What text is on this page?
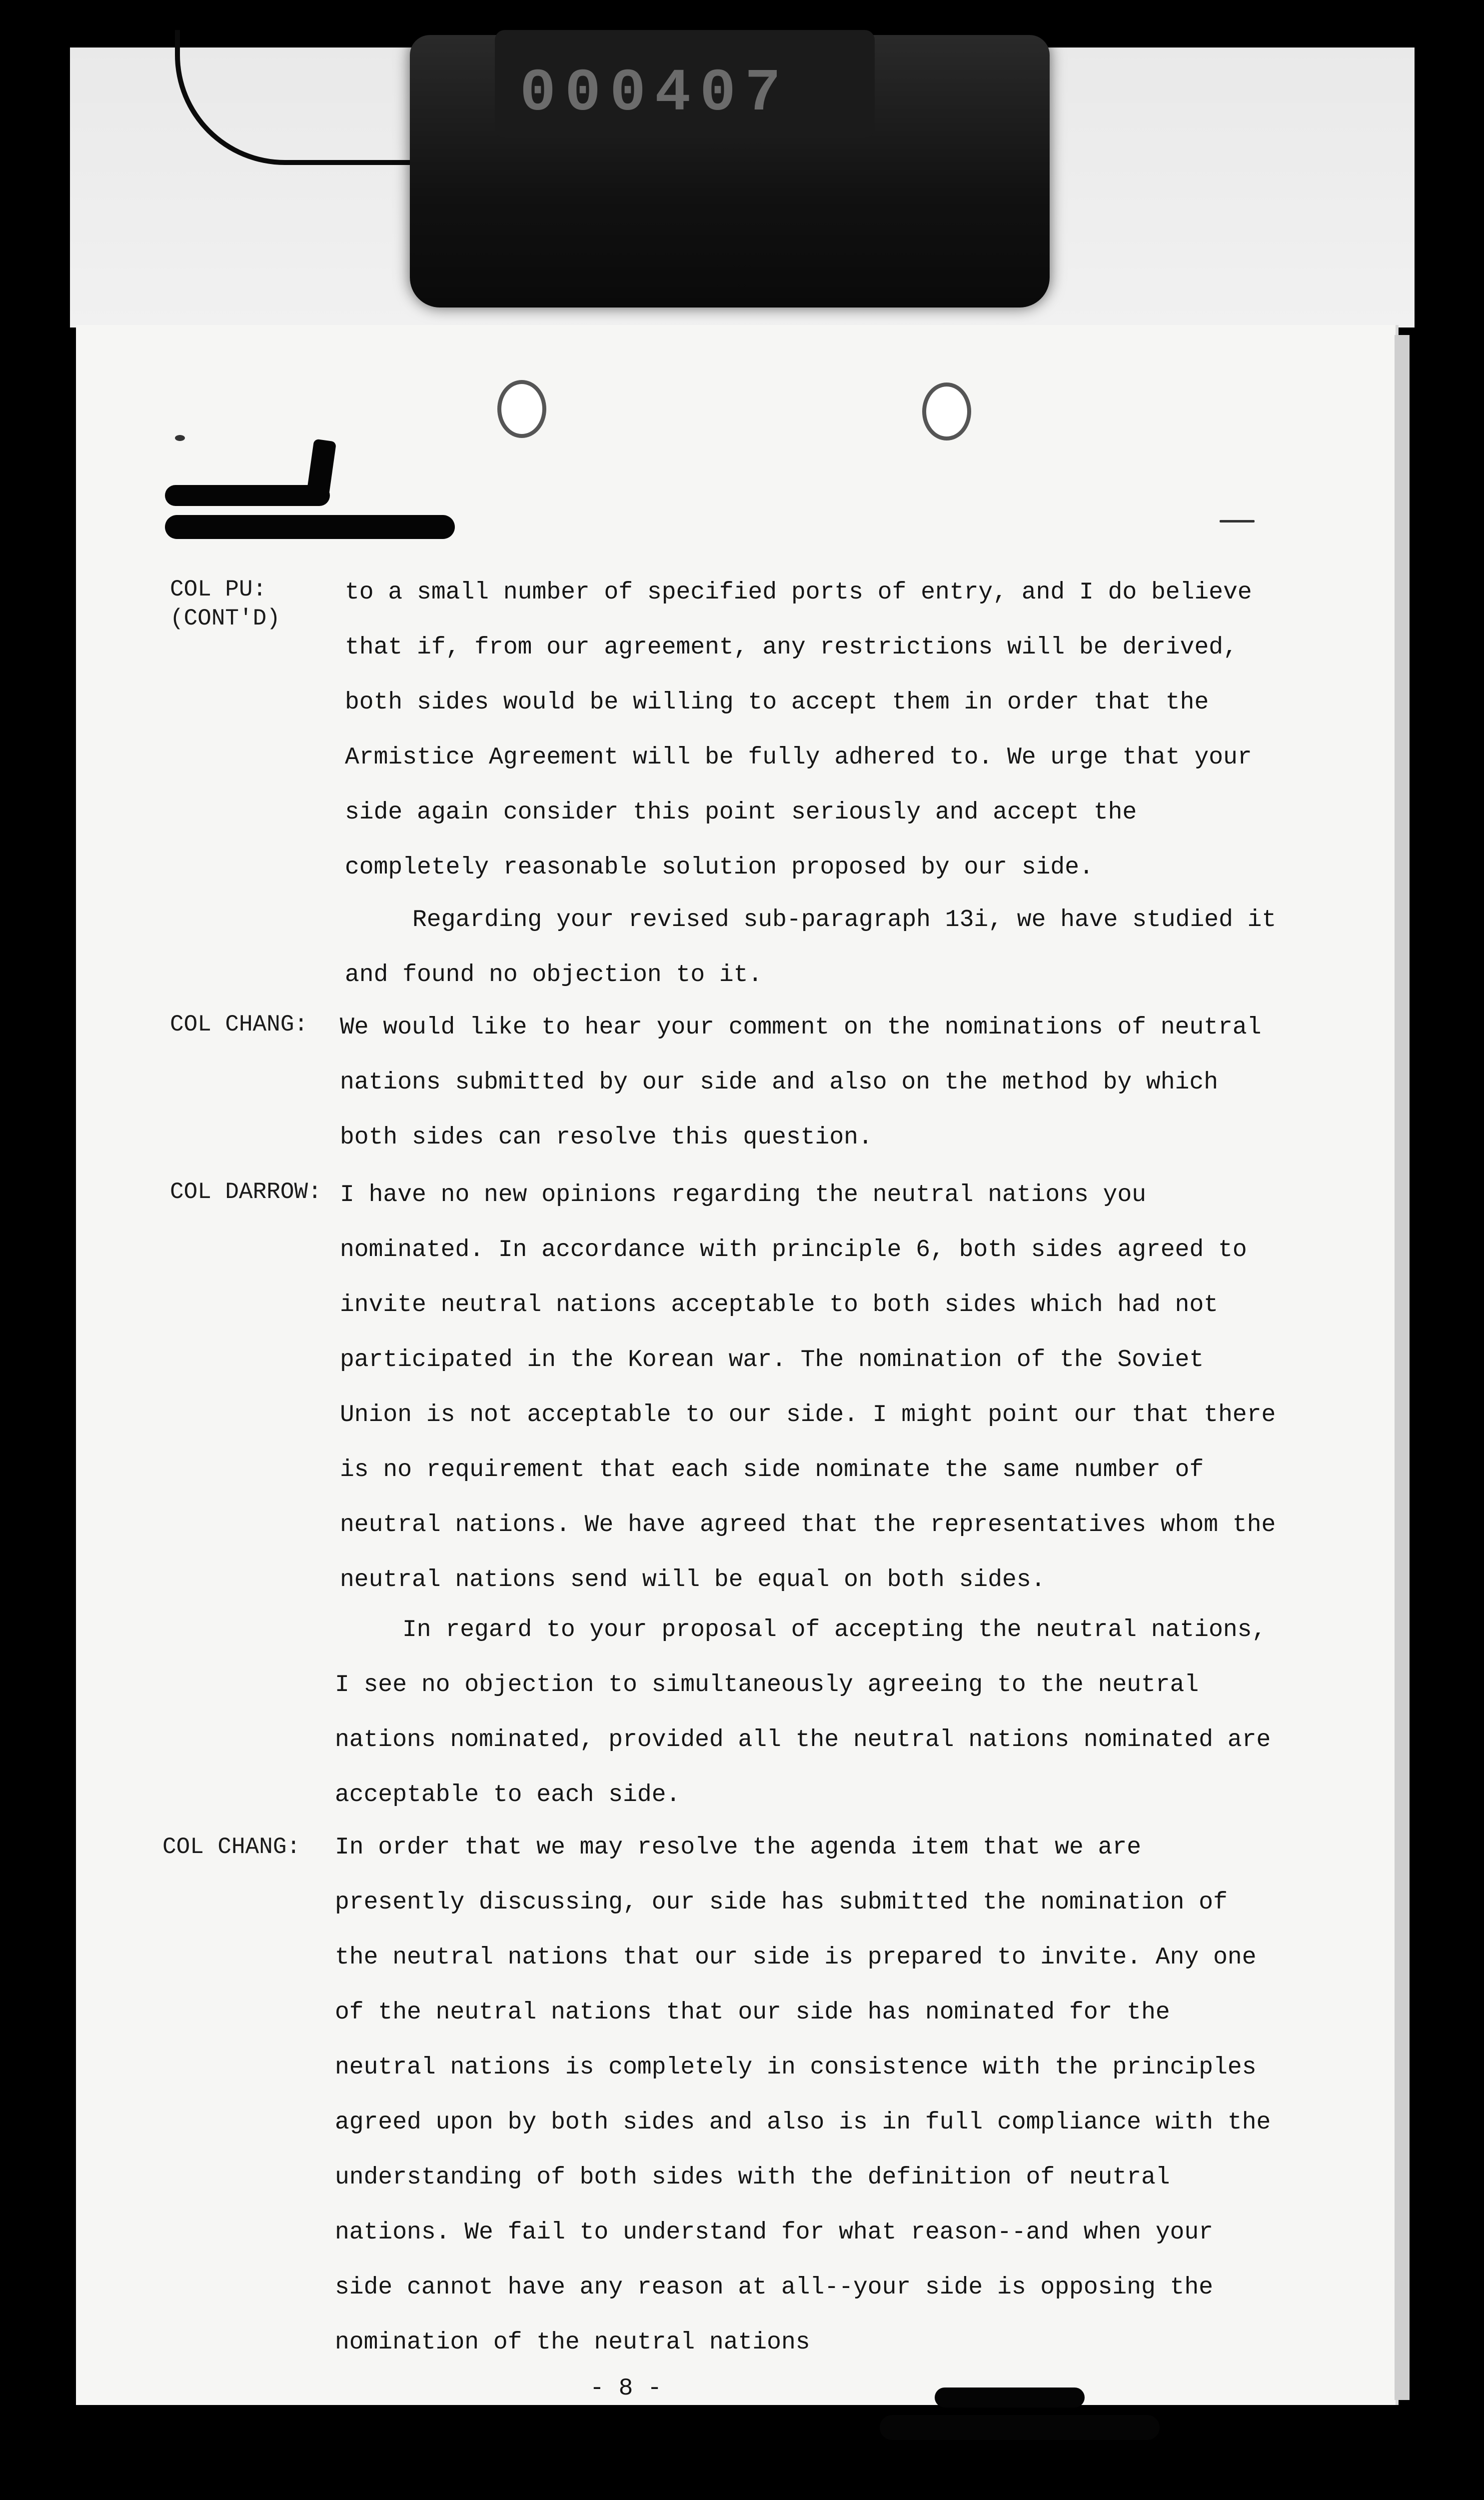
000407
COL PU:
(CONT'D)
to a small number of specified ports of entry, and I do believe that if, from our agreement, any restrictions will be derived, both sides would be willing to accept them in order that the Armistice Agreement will be fully adhered to. We urge that your side again consider this point seriously and accept the completely reasonable solution proposed by our side.
Regarding your revised sub-paragraph 13i, we have studied it and found no objection to it.
COL CHANG: We would like to hear your comment on the nominations of neutral nations submitted by our side and also on the method by which both sides can resolve this question.
COL DARROW: I have no new opinions regarding the neutral nations you nominated. In accordance with principle 6, both sides agreed to invite neutral nations acceptable to both sides which had not participated in the Korean war. The nomination of the Soviet Union is not acceptable to our side. I might point our that there is no requirement that each side nominate the same number of neutral nations. We have agreed that the representatives whom the neutral nations send will be equal on both sides.
In regard to your proposal of accepting the neutral nations, I see no objection to simultaneously agreeing to the neutral nations nominated, provided all the neutral nations nominated are acceptable to each side.
COL CHANG: In order that we may resolve the agenda item that we are presently discussing, our side has submitted the nomination of the neutral nations that our side is prepared to invite. Any one of the neutral nations that our side has nominated for the neutral nations is completely in consistence with the principles agreed upon by both sides and also is in full compliance with the understanding of both sides with the definition of neutral nations. We fail to understand for what reason--and when your side cannot have any reason at all--your side is opposing the nomination of the neutral nations
- 8 -
